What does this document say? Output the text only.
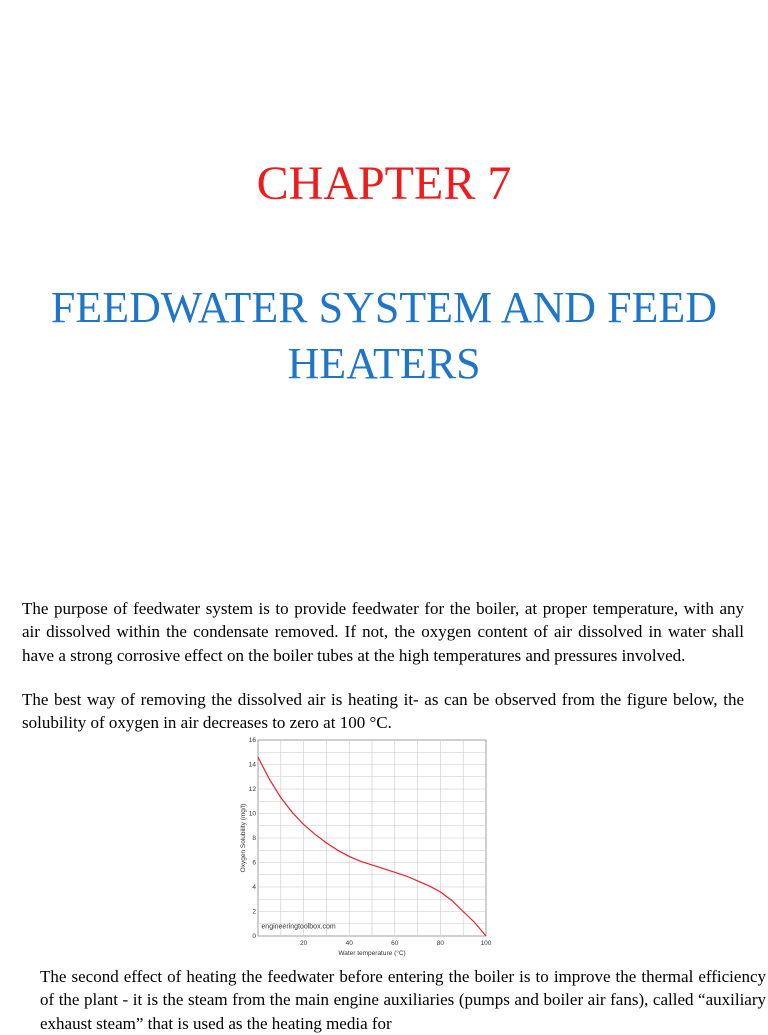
CHAPTER 7
FEEDWATER SYSTEM AND FEED HEATERS

The purpose of feedwater system is to provide feedwater for the boiler, at proper temperature, with any air dissolved within the condensate removed. If not, the oxygen content of air dissolved in water shall have a strong corrosive effect on the boiler tubes at the high temperatures and pressures involved.

The best way of removing the dissolved air is heating it- as can be observed from the figure below, the solubility of oxygen in air decreases to zero at 100 °C.

20	40	60	80	100
0
2
4
6
8
10
12
14
16
engineeringtoolbox.com
Water temperature (°C)
Oxygen Solubility (mg/l)

The second effect of heating the feedwater before entering the boiler is to improve the thermal efficiency of the plant - it is the steam from the main engine auxiliaries (pumps and boiler air fans), called “auxiliary exhaust steam” that is used as the heating media for
